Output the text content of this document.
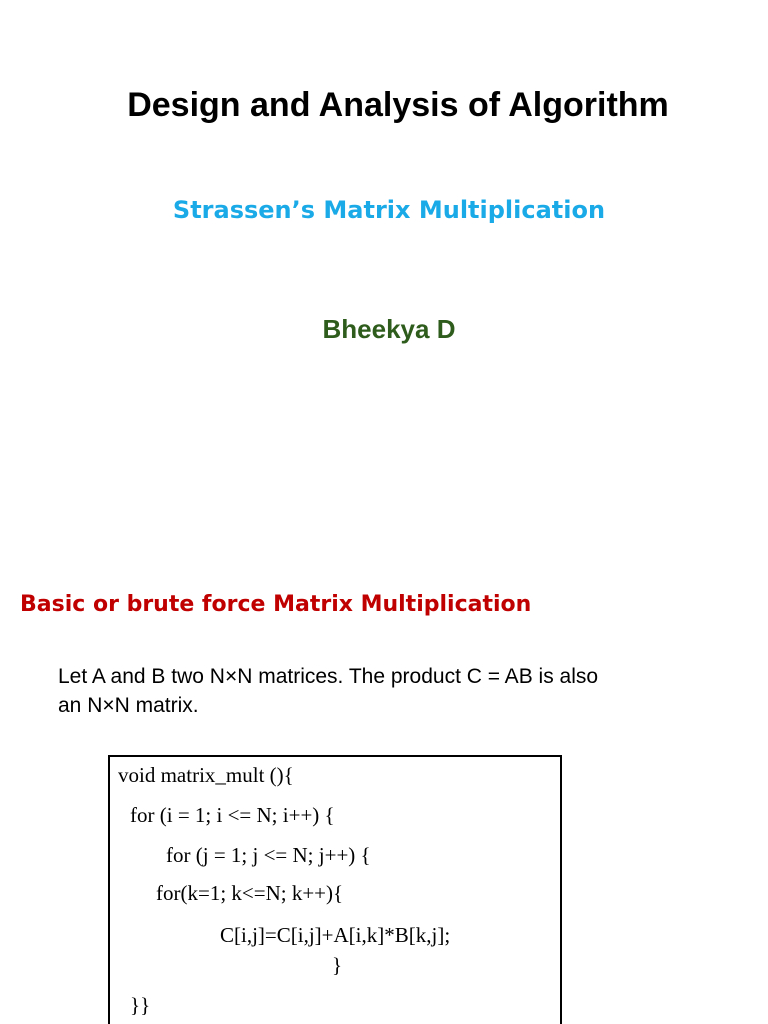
Design and Analysis of Algorithm
Strassen’s Matrix Multiplication
Bheekya D
Basic or brute force Matrix Multiplication
Let A and B two N×N matrices. The product C = AB is also
an N×N matrix.
void matrix_mult (){
for (i = 1; i <= N; i++) {
for (j = 1; j <= N; j++) {
for(k=1; k<=N; k++){
C[i,j]=C[i,j]+A[i,k]*B[k,j];
}
}}
